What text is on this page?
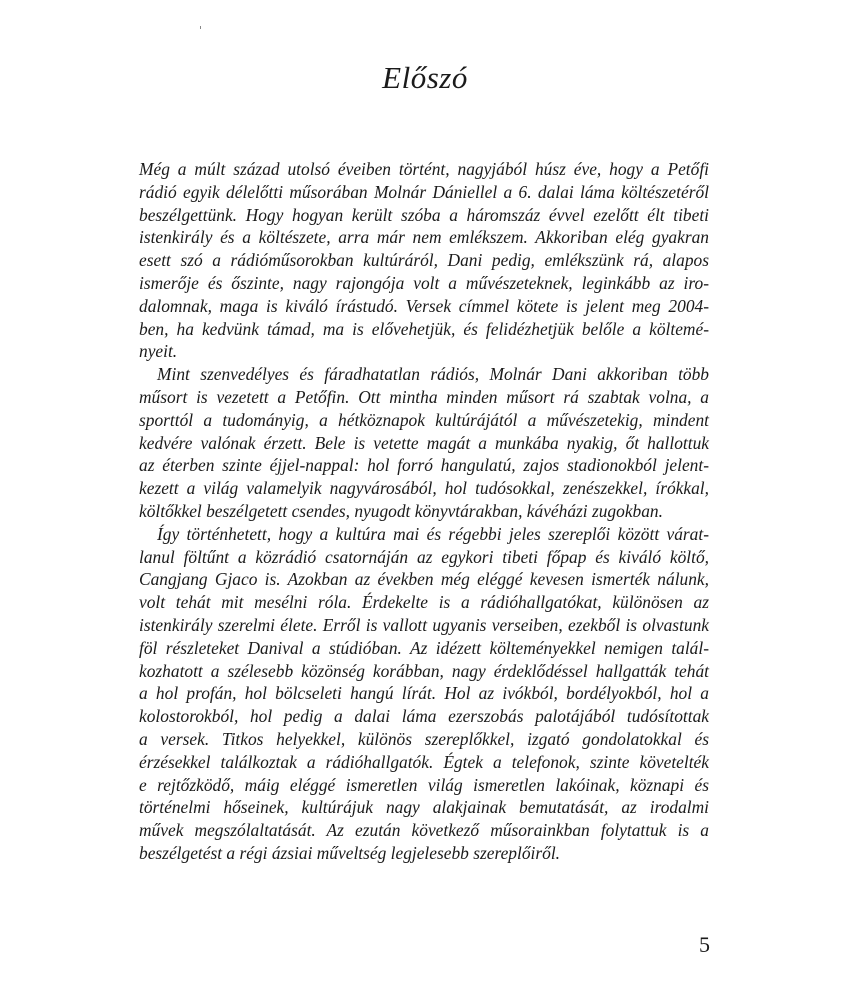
Előszó
Még a múlt század utolsó éveiben történt, nagyjából húsz éve, hogy a Petőfi
rádió egyik délelőtti műsorában Molnár Dániellel a 6. dalai láma költészetéről
beszélgettünk. Hogy hogyan került szóba a háromszáz évvel ezelőtt élt tibeti
istenkirály és a költészete, arra már nem emlékszem. Akkoriban elég gyakran
esett szó a rádióműsorokban kultúráról, Dani pedig, emlékszünk rá, alapos
ismerője és őszinte, nagy rajongója volt a művészeteknek, leginkább az iro-
dalomnak, maga is kiváló írástudó. Versek címmel kötete is jelent meg 2004-
ben, ha kedvünk támad, ma is elővehetjük, és felidézhetjük belőle a költemé-
nyeit.
Mint szenvedélyes és fáradhatatlan rádiós, Molnár Dani akkoriban több
műsort is vezetett a Petőfin. Ott mintha minden műsort rá szabtak volna, a
sporttól a tudományig, a hétköznapok kultúrájától a művészetekig, mindent
kedvére valónak érzett. Bele is vetette magát a munkába nyakig, őt hallottuk
az éterben szinte éjjel-nappal: hol forró hangulatú, zajos stadionokból jelent-
kezett a világ valamelyik nagyvárosából, hol tudósokkal, zenészekkel, írókkal,
költőkkel beszélgetett csendes, nyugodt könyvtárakban, kávéházi zugokban.
Így történhetett, hogy a kultúra mai és régebbi jeles szereplői között várat-
lanul föltűnt a közrádió csatornáján az egykori tibeti főpap és kiváló költő,
Cangjang Gjaco is. Azokban az években még eléggé kevesen ismerték nálunk,
volt tehát mit mesélni róla. Érdekelte is a rádióhallgatókat, különösen az
istenkirály szerelmi élete. Erről is vallott ugyanis verseiben, ezekből is olvastunk
föl részleteket Danival a stúdióban. Az idézett költeményekkel nemigen talál-
kozhatott a szélesebb közönség korábban, nagy érdeklődéssel hallgatták tehát
a hol profán, hol bölcseleti hangú lírát. Hol az ivókból, bordélyokból, hol a
kolostorokból, hol pedig a dalai láma ezerszobás palotájából tudósítottak
a versek. Titkos helyekkel, különös szereplőkkel, izgató gondolatokkal és
érzésekkel találkoztak a rádióhallgatók. Égtek a telefonok, szinte követelték
e rejtőzködő, máig eléggé ismeretlen világ ismeretlen lakóinak, köznapi és
történelmi hőseinek, kultúrájuk nagy alakjainak bemutatását, az irodalmi
művek megszólaltatását. Az ezután következő műsorainkban folytattuk is a
beszélgetést a régi ázsiai műveltség legjelesebb szereplőiről.
5
